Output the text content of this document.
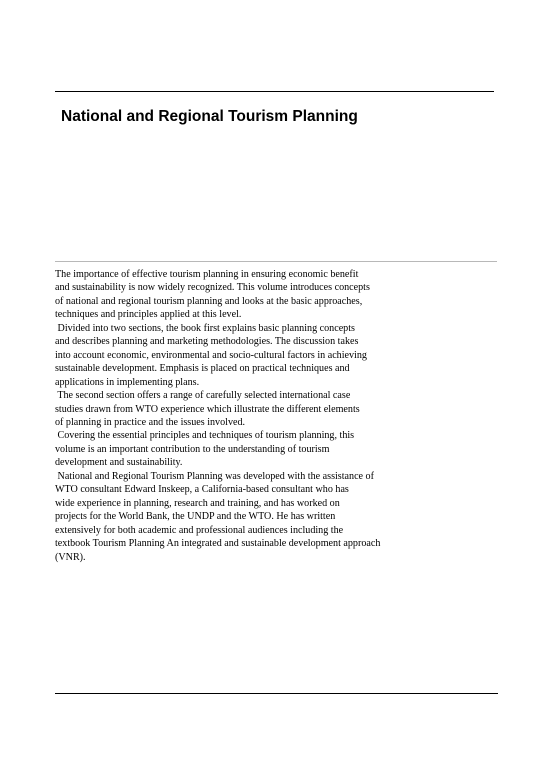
National and Regional Tourism Planning
The importance of effective tourism planning in ensuring economic benefit
and sustainability is now widely recognized. This volume introduces concepts
of national and regional tourism planning and looks at the basic approaches,
techniques and principles applied at this level.
Divided into two sections, the book first explains basic planning concepts
and describes planning and marketing methodologies. The discussion takes
into account economic, environmental and socio-cultural factors in achieving
sustainable development. Emphasis is placed on practical techniques and
applications in implementing plans.
The second section offers a range of carefully selected international case
studies drawn from WTO experience which illustrate the different elements
of planning in practice and the issues involved.
Covering the essential principles and techniques of tourism planning, this
volume is an important contribution to the understanding of tourism
development and sustainability.
National and Regional Tourism Planning was developed with the assistance of
WTO consultant Edward Inskeep, a California-based consultant who has
wide experience in planning, research and training, and has worked on
projects for the World Bank, the UNDP and the WTO. He has written
extensively for both academic and professional audiences including the
textbook Tourism Planning An integrated and sustainable development approach
(VNR).
